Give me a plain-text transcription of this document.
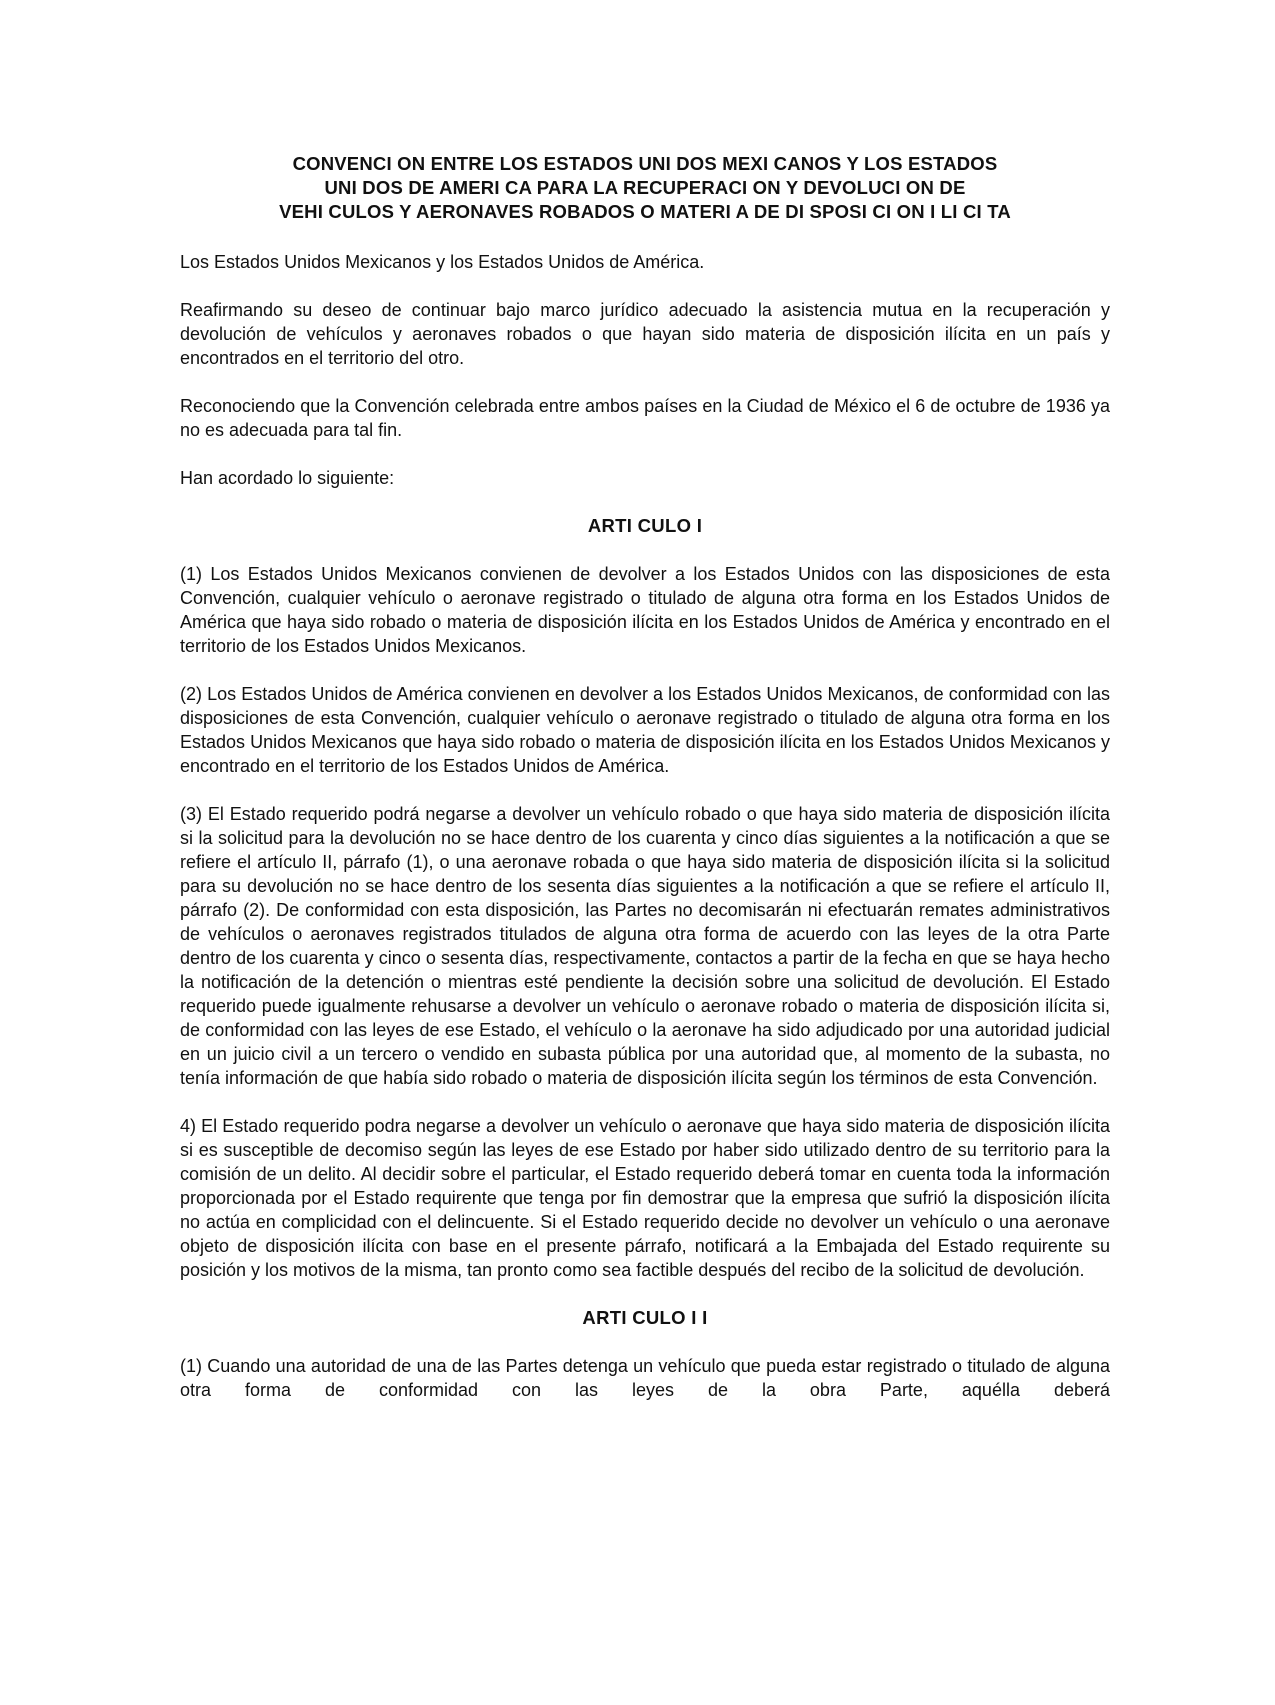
CONVENCI ON ENTRE LOS ESTADOS UNI DOS MEXI CANOS Y LOS ESTADOS
UNI DOS DE AMERI CA PARA LA RECUPERACI ON Y DEVOLUCI ON DE
VEHI CULOS Y AERONAVES ROBADOS O MATERI A DE DI SPOSI CI ON I LI CI TA

Los Estados Unidos Mexicanos y los Estados Unidos de América.

Reafirmando su deseo de continuar bajo marco jurídico adecuado la asistencia mutua en la recuperación y devolución de vehículos y aeronaves robados o que hayan sido materia de disposición ilícita en un país y encontrados en el territorio del otro.

Reconociendo que la Convención celebrada entre ambos países en la Ciudad de México el 6 de octubre de 1936 ya no es adecuada para tal fin.

Han acordado lo siguiente:

ARTI CULO I

(1) Los Estados Unidos Mexicanos convienen de devolver a los Estados Unidos con las disposiciones de esta Convención, cualquier vehículo o aeronave registrado o titulado de alguna otra forma en los Estados Unidos de América que haya sido robado o materia de disposición ilícita en los Estados Unidos de América y encontrado en el territorio de los Estados Unidos Mexicanos.

(2) Los Estados Unidos de América convienen en devolver a los Estados Unidos Mexicanos, de conformidad con las disposiciones de esta Convención, cualquier vehículo o aeronave registrado o titulado de alguna otra forma en los Estados Unidos Mexicanos que haya sido robado o materia de disposición ilícita en los Estados Unidos Mexicanos y encontrado en el territorio de los Estados Unidos de América.

(3) El Estado requerido podrá negarse a devolver un vehículo robado o que haya sido materia de disposición ilícita si la solicitud para la devolución no se hace dentro de los cuarenta y cinco días siguientes a la notificación a que se refiere el artículo II, párrafo (1), o una aeronave robada o que haya sido materia de disposición ilícita si la solicitud para su devolución no se hace dentro de los sesenta días siguientes a la notificación a que se refiere el artículo II, párrafo (2). De conformidad con esta disposición, las Partes no decomisarán ni efectuarán remates administrativos de vehículos o aeronaves registrados titulados de alguna otra forma de acuerdo con las leyes de la otra Parte dentro de los cuarenta y cinco o sesenta días, respectivamente, contactos a partir de la fecha en que se haya hecho la notificación de la detención o mientras esté pendiente la decisión sobre una solicitud de devolución. El Estado requerido puede igualmente rehusarse a devolver un vehículo o aeronave robado o materia de disposición ilícita si, de conformidad con las leyes de ese Estado, el vehículo o la aeronave ha sido adjudicado por una autoridad judicial en un juicio civil a un tercero o vendido en subasta pública por una autoridad que, al momento de la subasta, no tenía información de que había sido robado o materia de disposición ilícita según los términos de esta Convención.

4) El Estado requerido podra negarse a devolver un vehículo o aeronave que haya sido materia de disposición ilícita si es susceptible de decomiso según las leyes de ese Estado por haber sido utilizado dentro de su territorio para la comisión de un delito. Al decidir sobre el particular, el Estado requerido deberá tomar en cuenta toda la información proporcionada por el Estado requirente que tenga por fin demostrar que la empresa que sufrió la disposición ilícita no actúa en complicidad con el delincuente. Si el Estado requerido decide no devolver un vehículo o una aeronave objeto de disposición ilícita con base en el presente párrafo, notificará a la Embajada del Estado requirente su posición y los motivos de la misma, tan pronto como sea factible después del recibo de la solicitud de devolución.

ARTI CULO I I

(1) Cuando una autoridad de una de las Partes detenga un vehículo que pueda estar registrado o titulado de alguna otra forma de conformidad con las leyes de la obra Parte, aquélla deberá
